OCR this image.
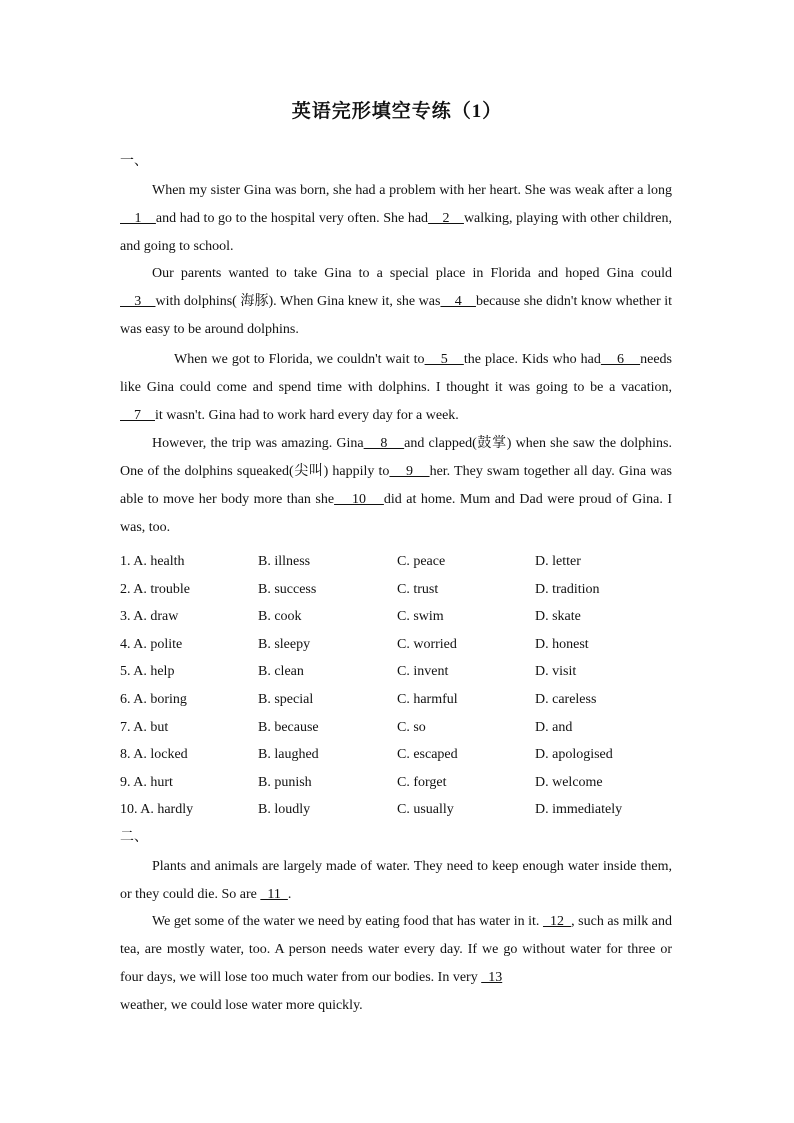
英语完形填空专练（1）
一、

When my sister Gina was born, she had a problem with her heart. She was weak after a long    1    and had to go to the hospital very often. She had    2    walking, playing with other children, and going to school.

Our parents wanted to take Gina to a special place in Florida and hoped Gina could    3    with dolphins( 海豚). When Gina knew it, she was    4    because she didn't know whether it was easy to be around dolphins.

When we got to Florida, we couldn't wait to    5    the place. Kids who had    6    needs like Gina could come and spend time with dolphins. I thought it was going to be a vacation,    7    it wasn't. Gina had to work hard every day for a week.

However, the trip was amazing. Gina    8    and clapped(鼓掌) when she saw the dolphins. One of the dolphins squeaked(尖叫) happily to    9    her. They swam together all day. Gina was able to move her body more than she    10    did at home. Mum and Dad were proud of Gina. I was, too.

1. A. health	B. illness	C. peace	D. letter
2. A. trouble	B. success	C. trust	D. tradition
3. A. draw	B. cook	C. swim	D. skate
4. A. polite	B. sleepy	C. worried	D. honest
5. A. help	B. clean	C. invent	D. visit
6. A. boring	B. special	C. harmful	D. careless
7. A. but	B. because	C. so	D. and
8. A. locked	B. laughed	C. escaped	D. apologised
9. A. hurt	B. punish	C. forget	D. welcome
10. A. hardly	B. loudly	C. usually	D. immediately
二、

Plants and animals are largely made of water. They need to keep enough water inside them, or they could die. So are   11  .

We get some of the water we need by eating food that has water in it.   12  , such as milk and tea, are mostly water, too. A person needs water every day. If we go without water for three or four days, we will lose too much water from our bodies. In very   13
weather, we could lose water more quickly.
